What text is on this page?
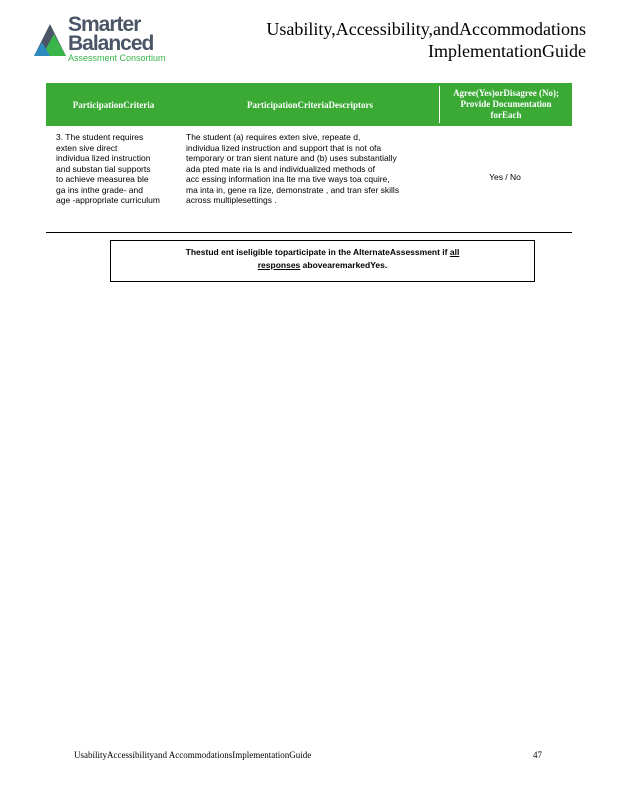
Smarter
Balanced
Assessment Consortium
Usability,Accessibility,andAccommodations
ImplementationGuide
ParticipationCriteria	ParticipationCriteriaDescriptors
Agree(Yes)orDisagree (No); Provide Documentation forEach
3. The student requires
exten sive direct
individua lized instruction
and substan tial supports
to achieve measurea ble
ga ins inthe grade- and
age -appropriate curriculum
The student (a) requires exten sive, repeate d,
individua lized instruction and support that is not ofa
temporary or tran sient nature and (b) uses substantially
ada pted mate ria ls and individualized methods of
acc essing information ina lte rna tive ways toa cquire,
ma inta in, gene ra lize, demonstrate , and tran sfer skills
across multiplesettings .
Yes / No
Thestud ent iseligible toparticipate in the AlternateAssessment if all
responses abovearemarkedYes.
UsabilityAccessibilityand AccommodationsImplementationGuide	47
